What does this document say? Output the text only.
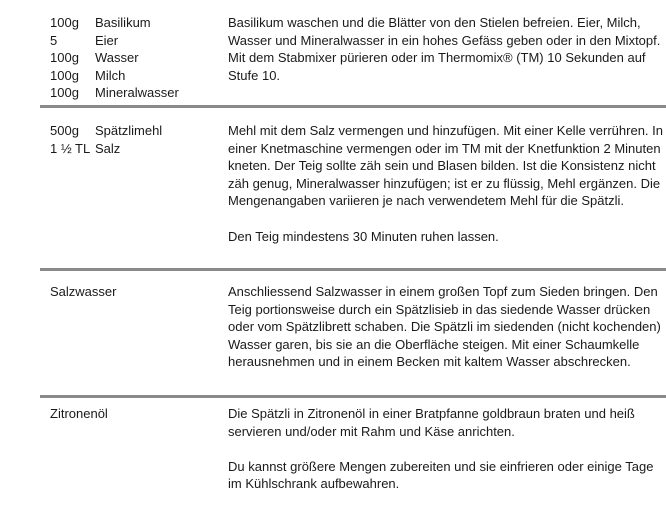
100g	Basilikum
5	Eier
100g	Wasser
100g	Milch
100g	Mineralwasser

Basilikum waschen und die Blätter von den Stielen befreien. Eier, Milch, Wasser und Mineralwasser in ein hohes Gefäss geben oder in den Mixtopf. Mit dem Stabmixer pürieren oder im Thermomix® (TM) 10 Sekunden auf Stufe 10.

500g	Spätzlimehl
1 ½ TL Salz

Mehl mit dem Salz vermengen und hinzufügen. Mit einer Kelle verrühren. In einer Knetmaschine vermengen oder im TM mit der Knetfunktion 2 Minuten kneten. Der Teig sollte zäh sein und Blasen bilden. Ist die Konsistenz nicht zäh genug, Mineralwasser hinzufügen; ist er zu flüssig, Mehl ergänzen. Die Mengenangaben variieren je nach verwendetem Mehl für die Spätzli.

Den Teig mindestens 30 Minuten ruhen lassen.

Salzwasser	Anschliessend Salzwasser in einem großen Topf zum Sieden bringen. Den Teig portionsweise durch ein Spätzlisieb in das siedende Wasser drücken oder vom Spätzlibrett schaben. Die Spätzli im siedenden (nicht kochenden) Wasser garen, bis sie an die Oberfläche steigen. Mit einer Schaumkelle herausnehmen und in einem Becken mit kaltem Wasser abschrecken.

Zitronenöl	Die Spätzli in Zitronenöl in einer Bratpfanne goldbraun braten und heiß servieren und/oder mit Rahm und Käse anrichten.

Du kannst größere Mengen zubereiten und sie einfrieren oder einige Tage im Kühlschrank aufbewahren.
